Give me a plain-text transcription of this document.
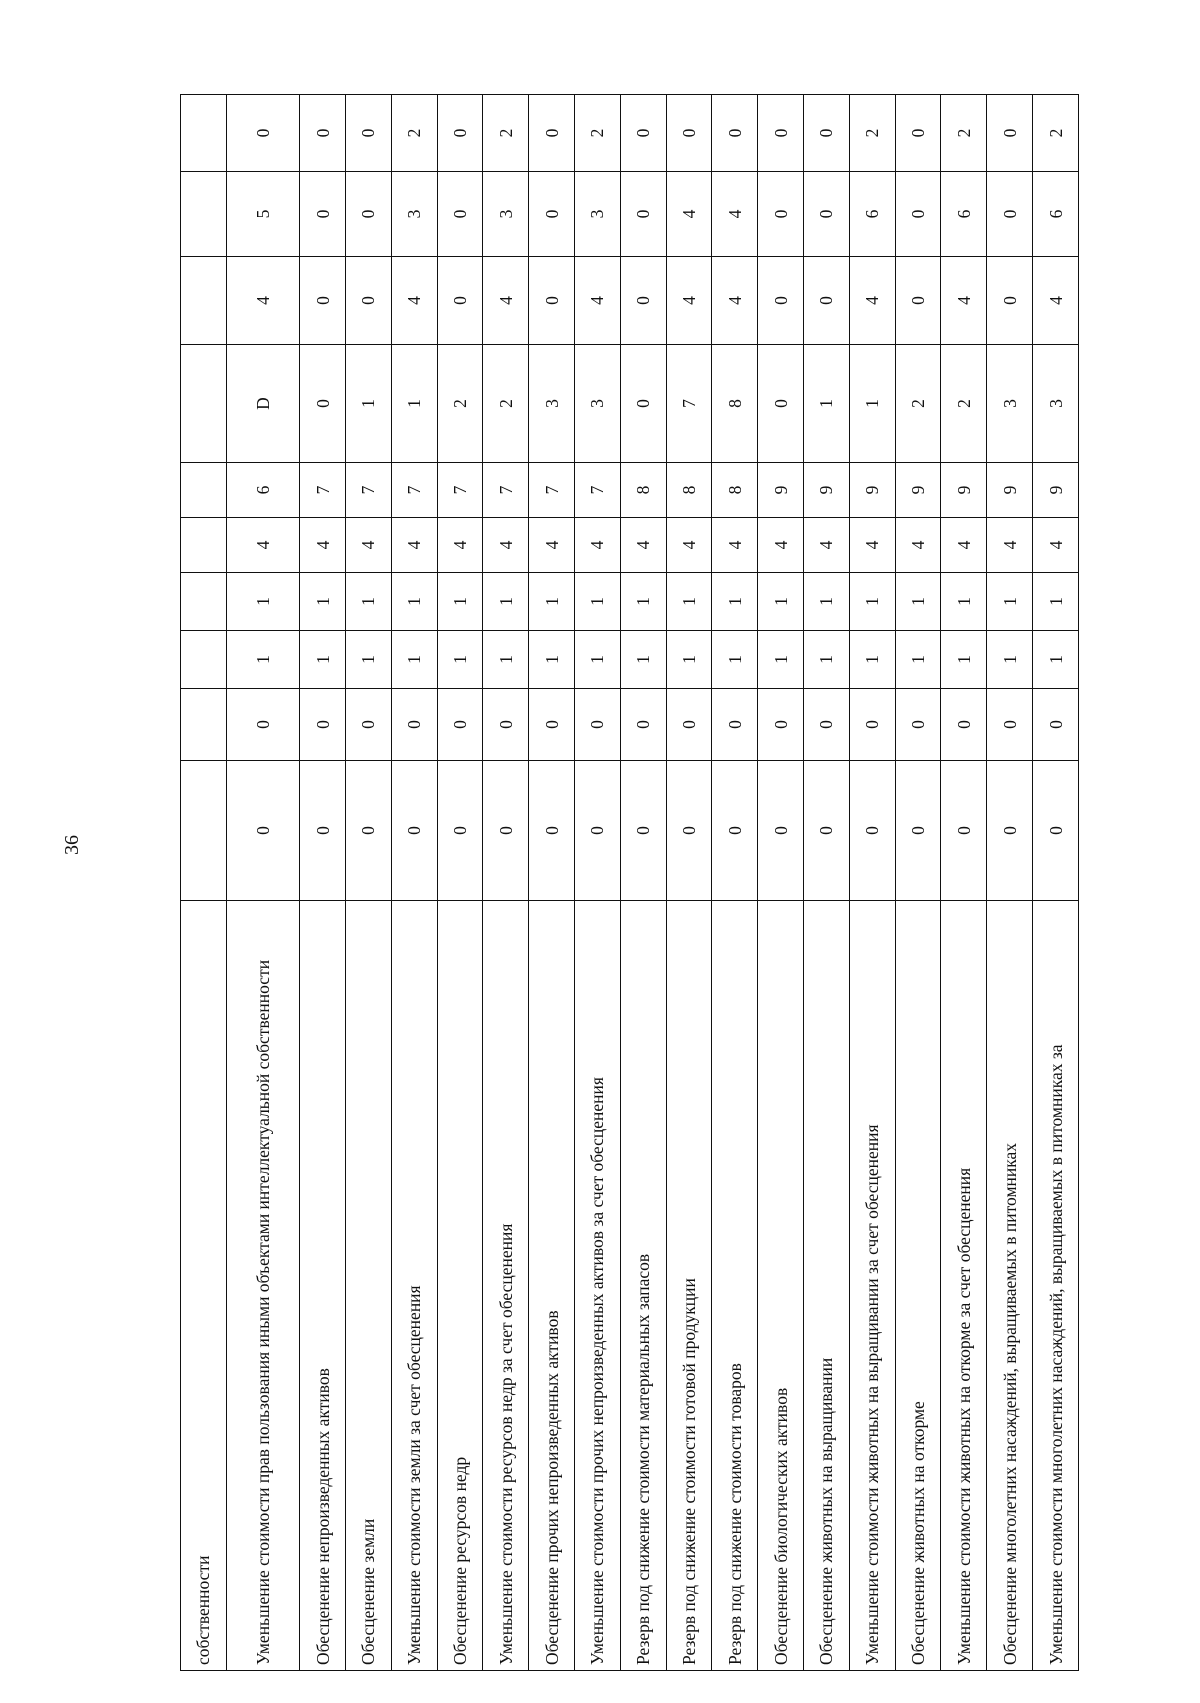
36
собственности										
Уменьшение стоимости прав пользования иными объектами интеллектуальной собственности	0	0	1	1	4	6	D	4	5	0
Обесценение непроизведенных активов	0	0	1	1	4	7	0	0	0	0
Обесценение земли	0	0	1	1	4	7	1	0	0	0
Уменьшение стоимости земли за счет обесценения	0	0	1	1	4	7	1	4	3	2
Обесценение ресурсов недр	0	0	1	1	4	7	2	0	0	0
Уменьшение стоимости ресурсов недр за счет обесценения	0	0	1	1	4	7	2	4	3	2
Обесценение прочих непроизведенных активов	0	0	1	1	4	7	3	0	0	0
Уменьшение стоимости прочих непроизведенных активов за счет обесценения	0	0	1	1	4	7	3	4	3	2
Резерв под снижение стоимости материальных запасов	0	0	1	1	4	8	0	0	0	0
Резерв под снижение стоимости готовой продукции	0	0	1	1	4	8	7	4	4	0
Резерв под снижение стоимости товаров	0	0	1	1	4	8	8	4	4	0
Обесценение биологических активов	0	0	1	1	4	9	0	0	0	0
Обесценение животных на выращивании	0	0	1	1	4	9	1	0	0	0
Уменьшение стоимости животных на выращивании за счет обесценения	0	0	1	1	4	9	1	4	6	2
Обесценение животных на откорме	0	0	1	1	4	9	2	0	0	0
Уменьшение стоимости животных на откорме за счет обесценения	0	0	1	1	4	9	2	4	6	2
Обесценение многолетних насаждений, выращиваемых в питомниках	0	0	1	1	4	9	3	0	0	0
Уменьшение стоимости многолетних насаждений, выращиваемых в питомниках за	0	0	1	1	4	9	3	4	6	2
